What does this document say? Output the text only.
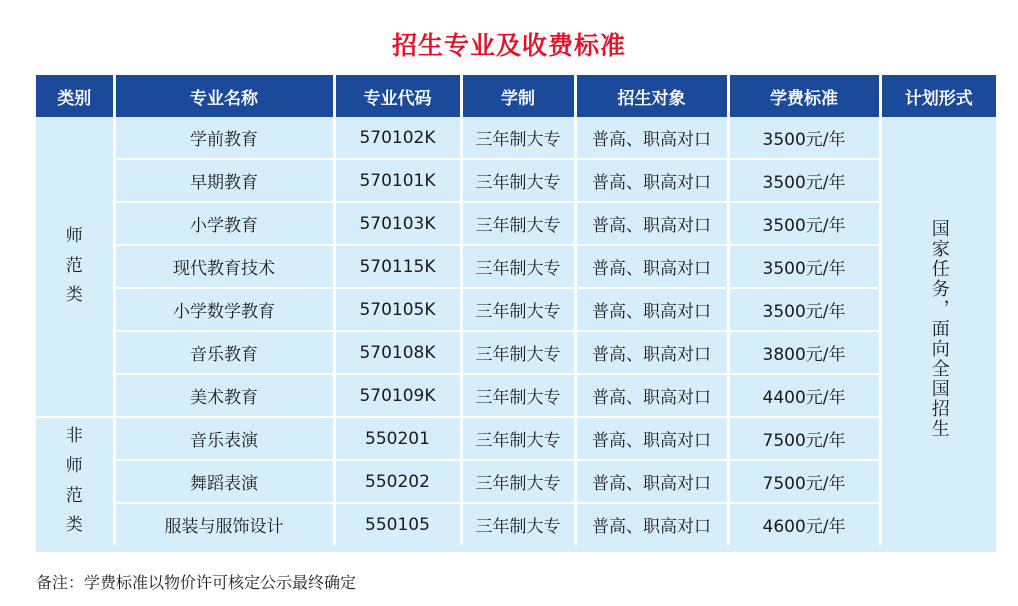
招生专业及收费标准
类别	专业名称	专业代码	学制	招生对象	学费标准	计划形式

师
范
类	学前教育	570102K	三年制大专	普高、职高对口	3500元/年	国家任务，面向全国招生
	早期教育	570101K	三年制大专	普高、职高对口	3500元/年	
	小学教育	570103K	三年制大专	普高、职高对口	3500元/年	
	现代教育技术	570115K	三年制大专	普高、职高对口	3500元/年	
	小学数学教育	570105K	三年制大专	普高、职高对口	3500元/年	
	音乐教育	570108K	三年制大专	普高、职高对口	3800元/年	
	美术教育	570109K	三年制大专	普高、职高对口	4400元/年	

非
师
范
类	音乐表演	550201	三年制大专	普高、职高对口	7500元/年	
	舞蹈表演	550202	三年制大专	普高、职高对口	7500元/年	
	服装与服饰设计	550105	三年制大专	普高、职高对口	4600元/年	
备注：学费标准以物价许可核定公示最终确定
